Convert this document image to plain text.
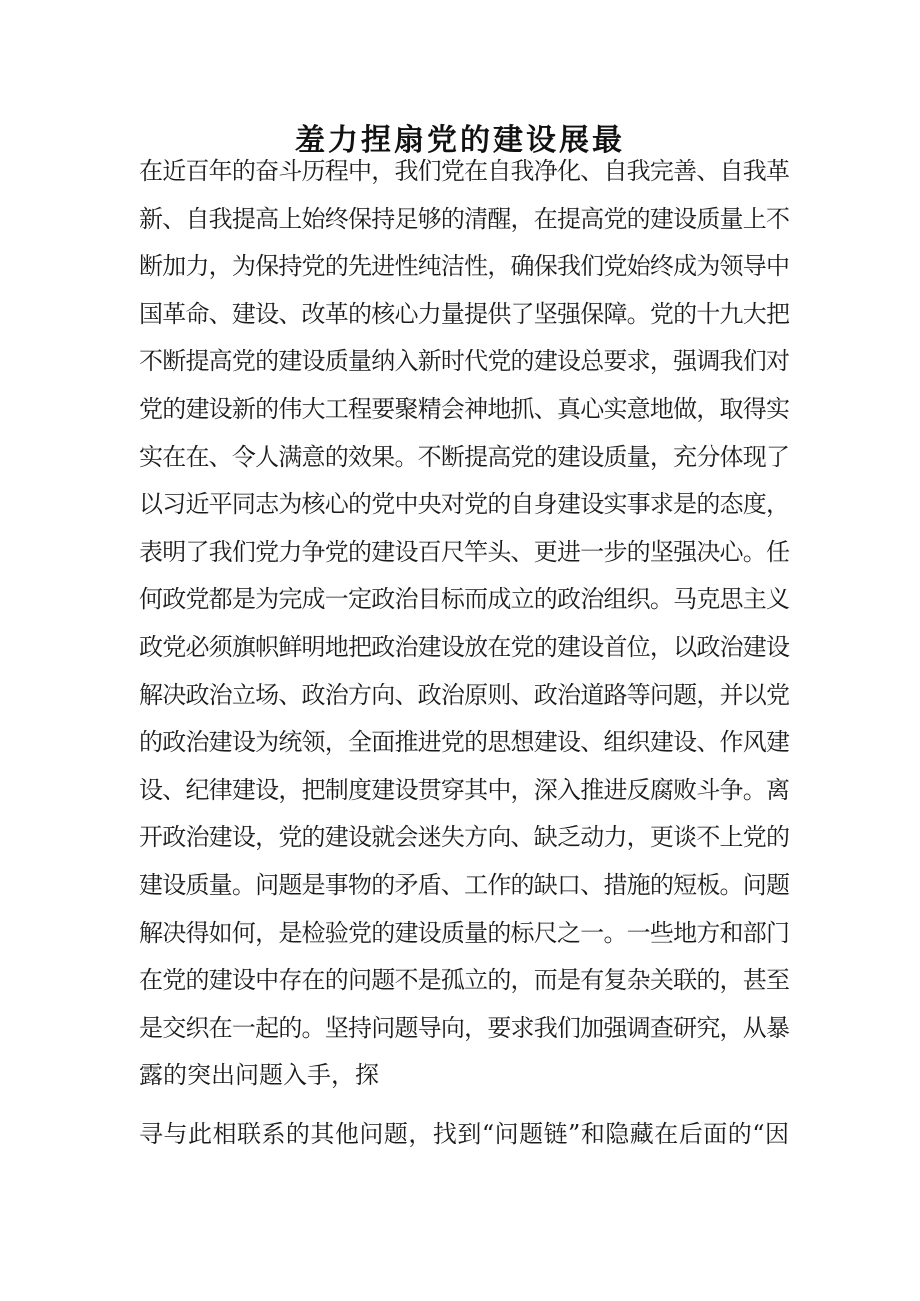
羞力捏扇党的建设展最
在近百年的奋斗历程中，我们党在自我净化、自我完善、自我革
新、自我提高上始终保持足够的清醒，在提高党的建设质量上不
断加力，为保持党的先进性纯洁性，确保我们党始终成为领导中
国革命、建设、改革的核心力量提供了坚强保障。党的十九大把
不断提高党的建设质量纳入新时代党的建设总要求，强调我们对
党的建设新的伟大工程要聚精会神地抓、真心实意地做，取得实
实在在、令人满意的效果。不断提高党的建设质量，充分体现了
以习近平同志为核心的党中央对党的自身建设实事求是的态度，
表明了我们党力争党的建设百尺竿头、更进一步的坚强决心。任
何政党都是为完成一定政治目标而成立的政治组织。马克思主义
政党必须旗帜鲜明地把政治建设放在党的建设首位，以政治建设
解决政治立场、政治方向、政治原则、政治道路等问题，并以党
的政治建设为统领，全面推进党的思想建设、组织建设、作风建
设、纪律建设，把制度建设贯穿其中，深入推进反腐败斗争。离
开政治建设，党的建设就会迷失方向、缺乏动力，更谈不上党的
建设质量。问题是事物的矛盾、工作的缺口、措施的短板。问题
解决得如何，是检验党的建设质量的标尺之一。一些地方和部门
在党的建设中存在的问题不是孤立的，而是有复杂关联的，甚至
是交织在一起的。坚持问题导向，要求我们加强调查研究，从暴
露的突出问题入手，探
寻与此相联系的其他问题，找到“问题链”和隐藏在后面的“因
